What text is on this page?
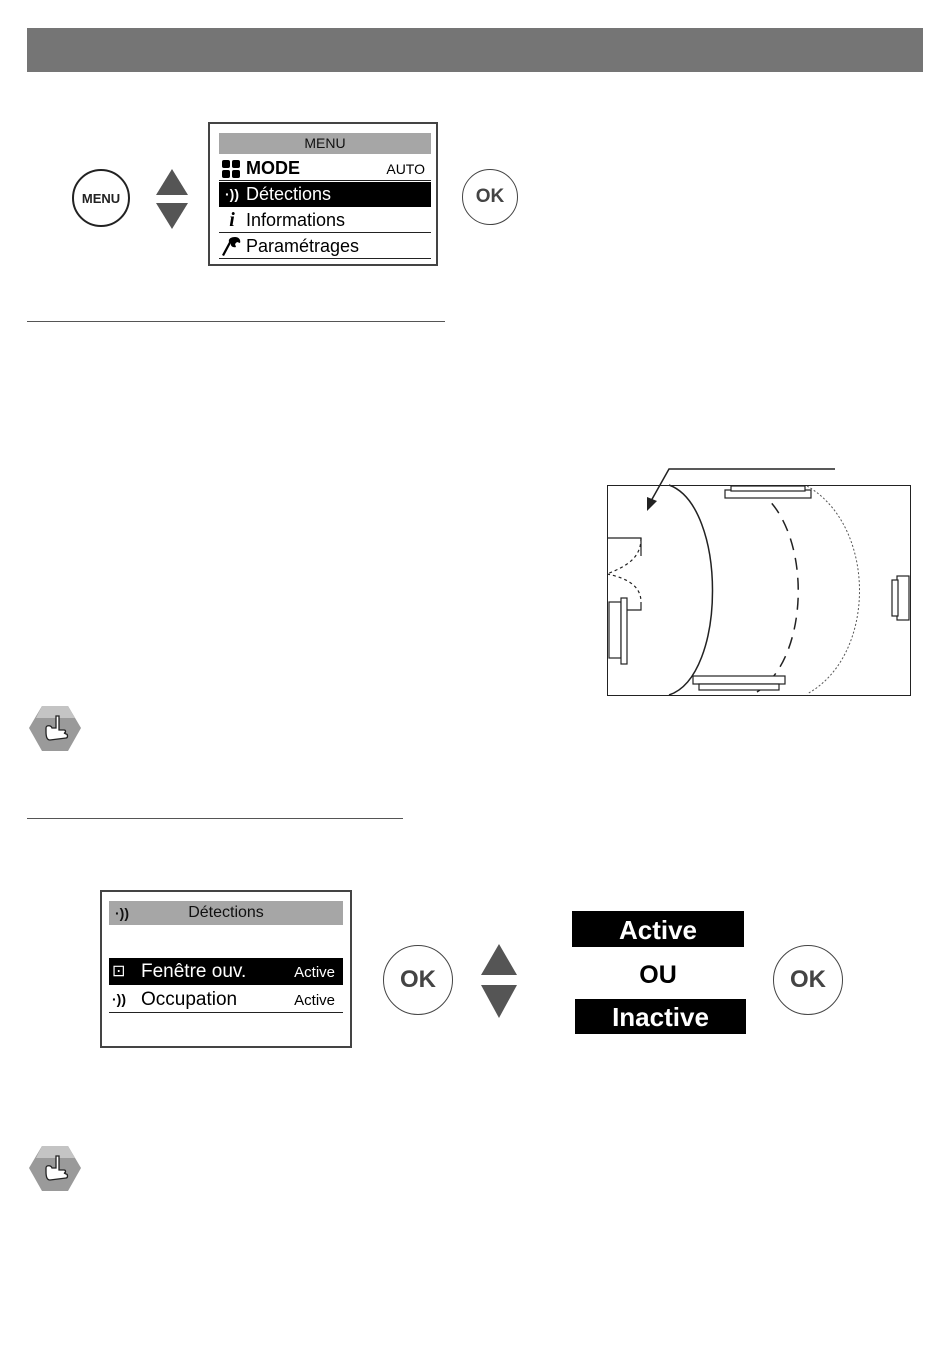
MENU
MENU
MODE	AUTO
·)) Détections
i Informations
Paramétrages
OK
·))	Détections
⊡ Fenêtre ouv.	Active
·)) Occupation	Active
OK
Active
OU
Inactive
OK
